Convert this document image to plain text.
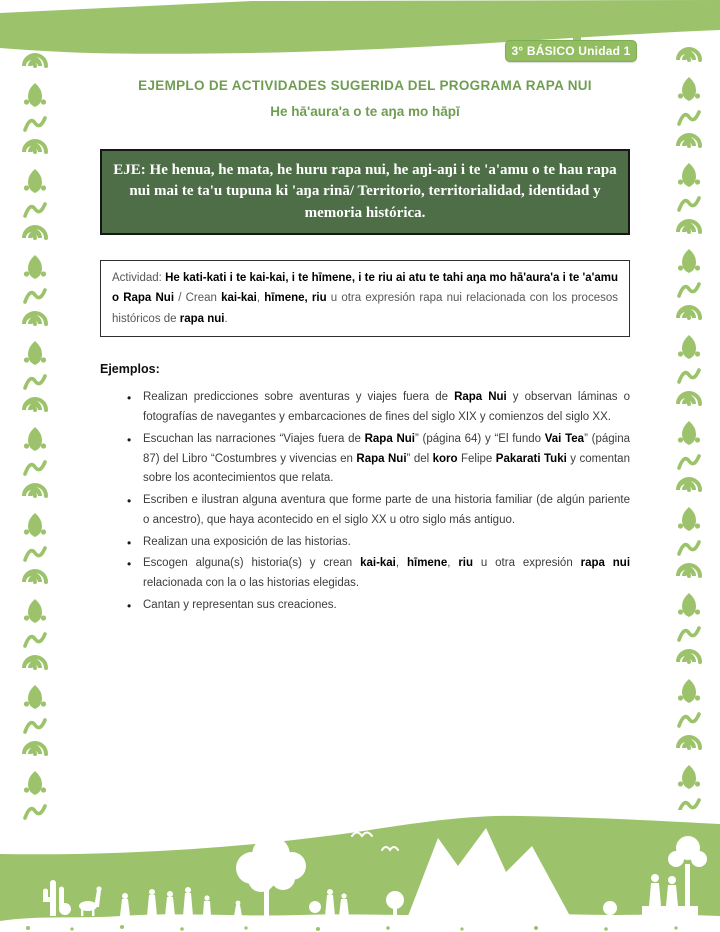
3° BÁSICO Unidad 1
EJEMPLO DE ACTIVIDADES SUGERIDA DEL PROGRAMA RAPA NUI
He hā'aura'a o te aŋa mo hāpī
EJE: He henua, he mata, he huru rapa nui, he aŋi-aŋi i te 'a'amu o te hau rapa nui mai te ta'u tupuna ki 'aŋa rinā/ Territorio, territorialidad, identidad y memoria histórica.
Actividad: He kati-kati i te kai-kai, i te hīmene, i te riu ai atu te tahi aŋa mo hā'aura'a i te 'a'amu o Rapa Nui / Crean kai-kai, hīmene, riu u otra expresión rapa nui relacionada con los procesos históricos de rapa nui.

Ejemplos:

• Realizan predicciones sobre aventuras y viajes fuera de Rapa Nui y observan láminas o fotografías de navegantes y embarcaciones de fines del siglo XIX y comienzos del siglo XX.
• Escuchan las narraciones “Viajes fuera de Rapa Nui” (página 64) y “El fundo Vai Tea” (página 87) del Libro “Costumbres y vivencias en Rapa Nui” del koro Felipe Pakarati Tuki y comentan sobre los acontecimientos que relata.
• Escriben e ilustran alguna aventura que forme parte de una historia familiar (de algún pariente o ancestro), que haya acontecido en el siglo XX u otro siglo más antiguo.
• Realizan una exposición de las historias.
• Escogen alguna(s) historia(s) y crean kai-kai, hīmene, riu u otra expresión rapa nui relacionada con la o las historias elegidas.
• Cantan y representan sus creaciones.
